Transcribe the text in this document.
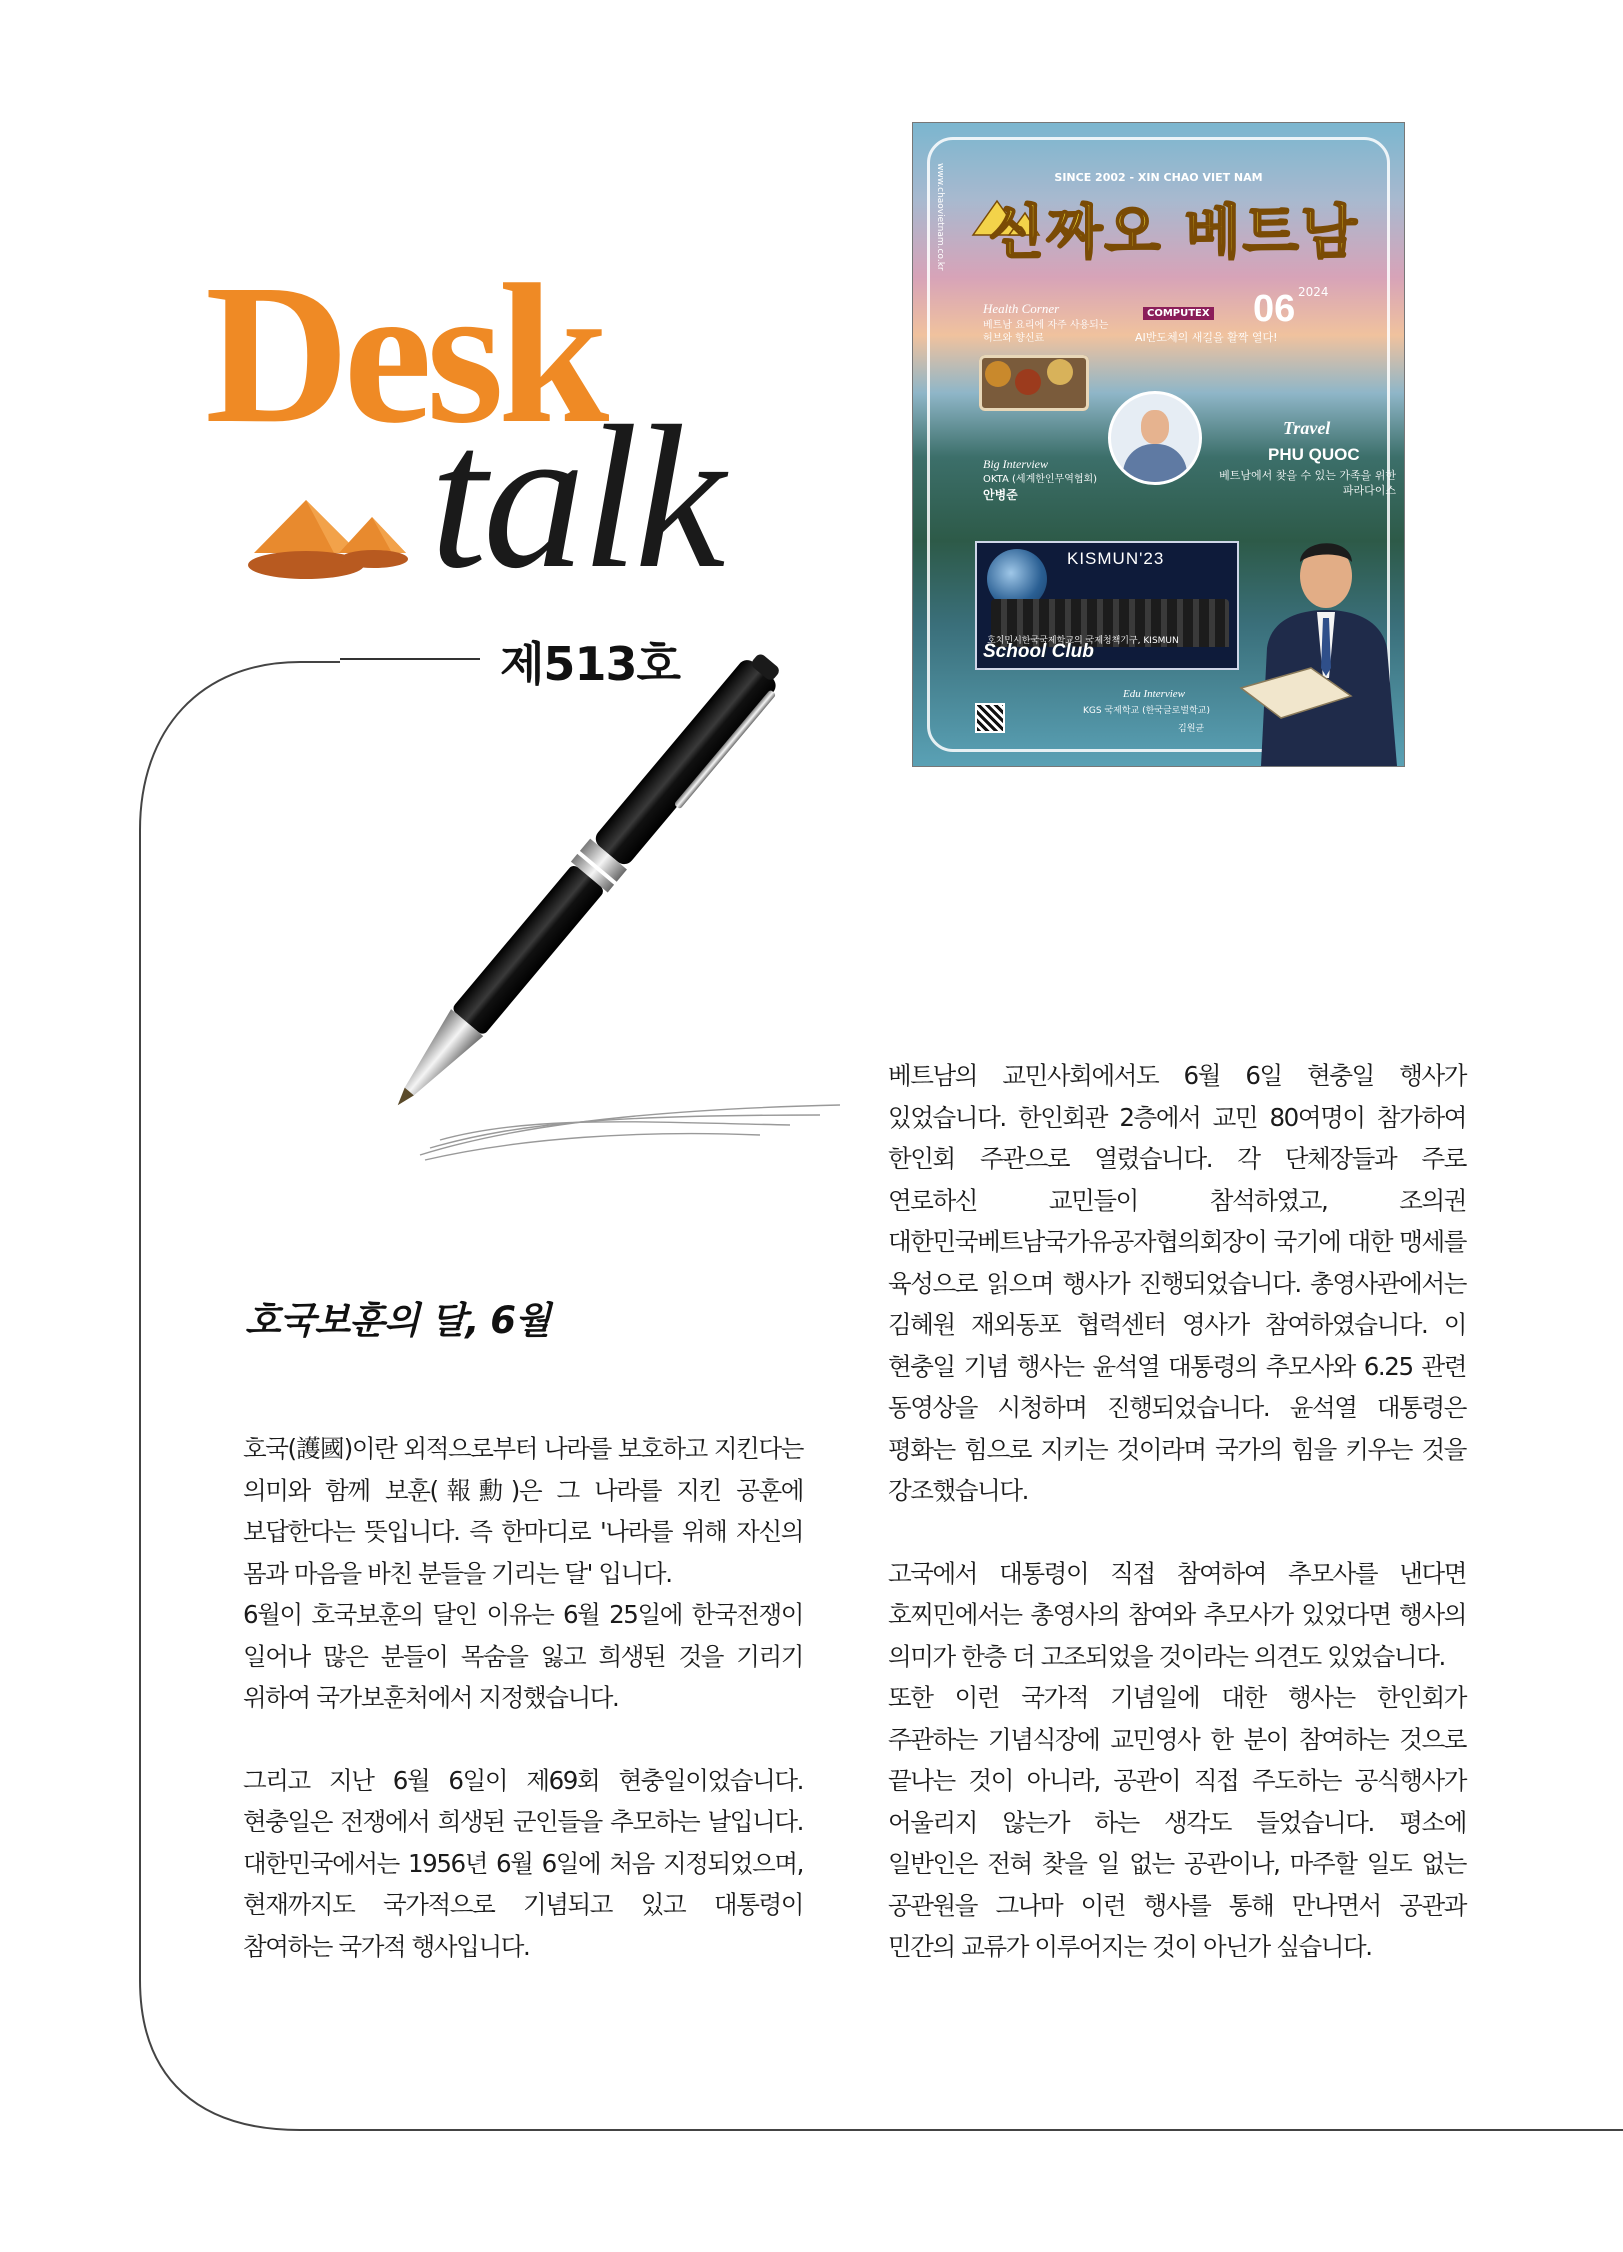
Desk
talk
제513호
www.chaovietnam.co.kr	SINCE 2002 - XIN CHAO VIET NAM
신짜오 베트남
06 2024
Health Corner
베트남 요리에 자주 사용되는 허브와 향신료
COMPUTEX
AI반도체의 새길을 활짝 열다!
Big Interview
OKTA (세계한인무역협회)
안병준
Travel
PHU QUOC
베트남에서 찾을 수 있는 가족을 위한 파라다이스
KISMUN'23
호치민시한국국제학교의 국제청책기구, KISMUN
School Club
Edu Interview
KGS 국제학교 (한국글로벌학교)
김원균
호국보훈의 달, 6월

호국(護國)이란 외적으로부터 나라를 보호하고 지킨다는 의미와 함께 보훈(報勳)은 그 나라를 지킨 공훈에 보답한다는 뜻입니다. 즉 한마디로 '나라를 위해 자신의 몸과 마음을 바친 분들을 기리는 달' 입니다.

6월이 호국보훈의 달인 이유는 6월 25일에 한국전쟁이 일어나 많은 분들이 목숨을 잃고 희생된 것을 기리기 위하여 국가보훈처에서 지정했습니다.

그리고 지난 6월 6일이 제69회 현충일이었습니다. 현충일은 전쟁에서 희생된 군인들을 추모하는 날입니다. 대한민국에서는 1956년 6월 6일에 처음 지정되었으며, 현재까지도 국가적으로 기념되고 있고 대통령이 참여하는 국가적 행사입니다.

베트남의 교민사회에서도 6월 6일 현충일 행사가 있었습니다. 한인회관 2층에서 교민 80여명이 참가하여 한인회 주관으로 열렸습니다. 각 단체장들과 주로 연로하신 교민들이 참석하였고, 조의권 대한민국베트남국가유공자협의회장이 국기에 대한 맹세를 육성으로 읽으며 행사가 진행되었습니다. 총영사관에서는 김혜원 재외동포 협력센터 영사가 참여하였습니다. 이 현충일 기념 행사는 윤석열 대통령의 추모사와 6.25 관련 동영상을 시청하며 진행되었습니다. 윤석열 대통령은 평화는 힘으로 지키는 것이라며 국가의 힘을 키우는 것을 강조했습니다.

고국에서 대통령이 직접 참여하여 추모사를 낸다면 호찌민에서는 총영사의 참여와 추모사가 있었다면 행사의 의미가 한층 더 고조되었을 것이라는 의견도 있었습니다.

또한 이런 국가적 기념일에 대한 행사는 한인회가 주관하는 기념식장에 교민영사 한 분이 참여하는 것으로 끝나는 것이 아니라, 공관이 직접 주도하는 공식행사가 어울리지 않는가 하는 생각도 들었습니다. 평소에 일반인은 전혀 찾을 일 없는 공관이나, 마주할 일도 없는 공관원을 그나마 이런 행사를 통해 만나면서 공관과 민간의 교류가 이루어지는 것이 아닌가 싶습니다.
